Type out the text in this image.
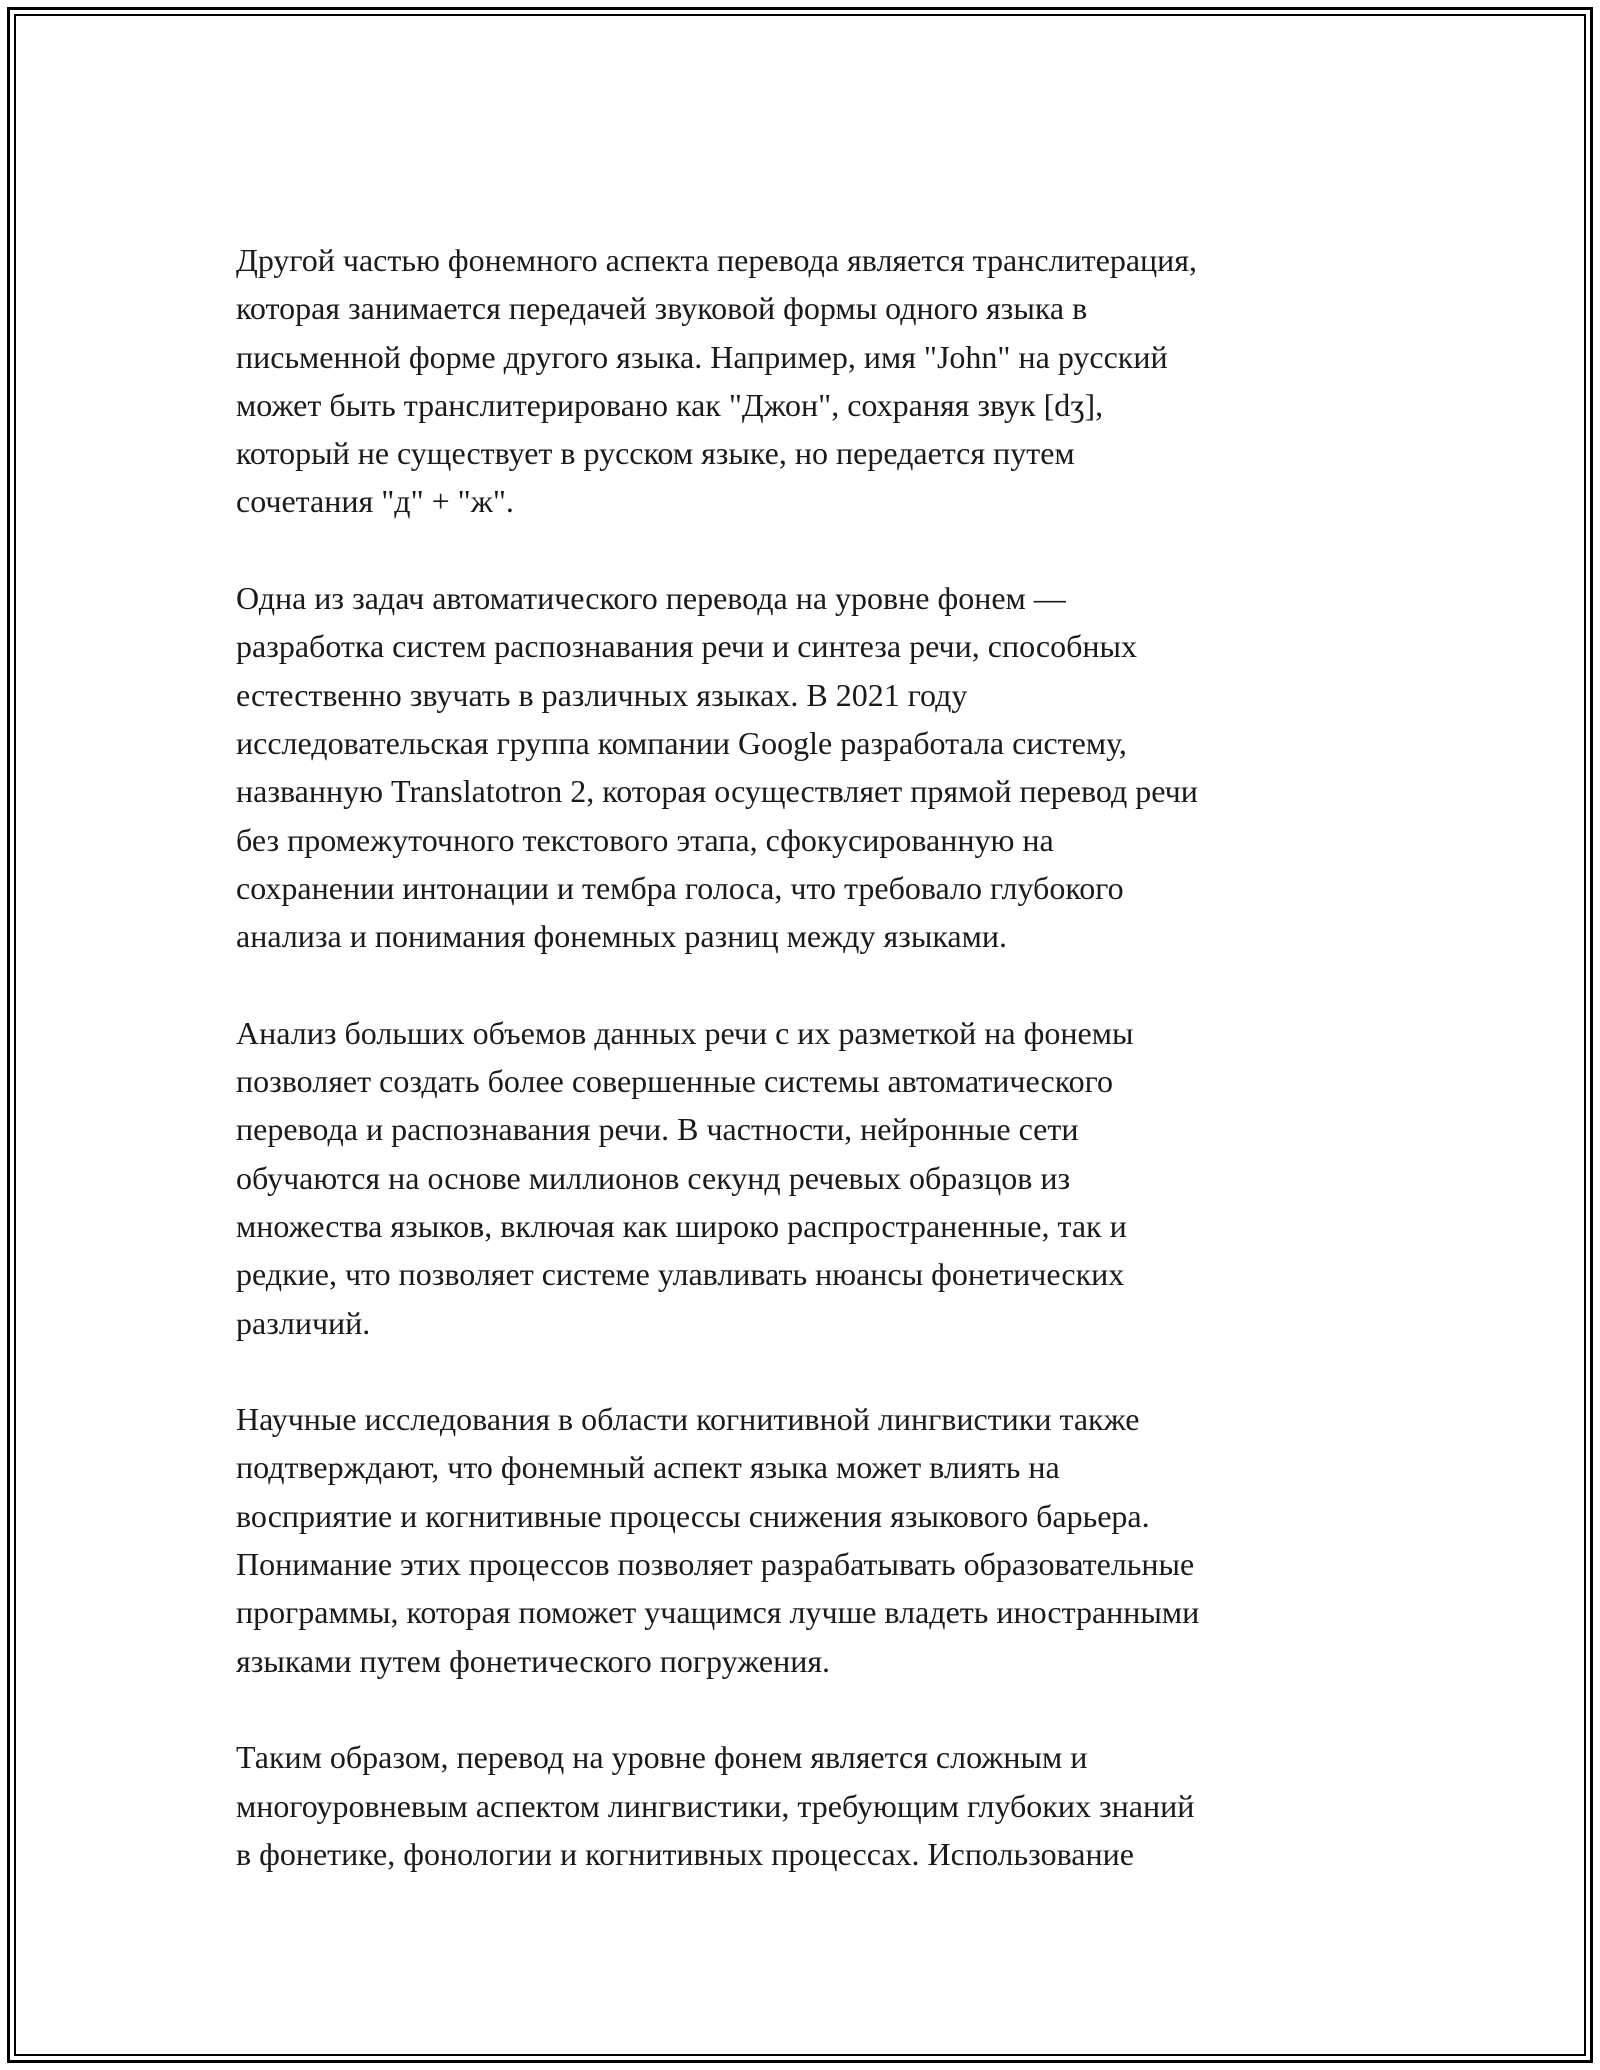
Другой частью фонемного аспекта перевода является транслитерация,
которая занимается передачей звуковой формы одного языка в
письменной форме другого языка. Например, имя "John" на русский
может быть транслитерировано как "Джон", сохраняя звук [dʒ],
который не существует в русском языке, но передается путем
сочетания "д" + "ж".

Одна из задач автоматического перевода на уровне фонем —
разработка систем распознавания речи и синтеза речи, способных
естественно звучать в различных языках. В 2021 году
исследовательская группа компании Google разработала систему,
названную Translatotron 2, которая осуществляет прямой перевод речи
без промежуточного текстового этапа, сфокусированную на
сохранении интонации и тембра голоса, что требовало глубокого
анализа и понимания фонемных разниц между языками.

Анализ больших объемов данных речи с их разметкой на фонемы
позволяет создать более совершенные системы автоматического
перевода и распознавания речи. В частности, нейронные сети
обучаются на основе миллионов секунд речевых образцов из
множества языков, включая как широко распространенные, так и
редкие, что позволяет системе улавливать нюансы фонетических
различий.

Научные исследования в области когнитивной лингвистики также
подтверждают, что фонемный аспект языка может влиять на
восприятие и когнитивные процессы снижения языкового барьера.
Понимание этих процессов позволяет разрабатывать образовательные
программы, которая поможет учащимся лучше владеть иностранными
языками путем фонетического погружения.

Таким образом, перевод на уровне фонем является сложным и
многоуровневым аспектом лингвистики, требующим глубоких знаний
в фонетике, фонологии и когнитивных процессах. Использование
